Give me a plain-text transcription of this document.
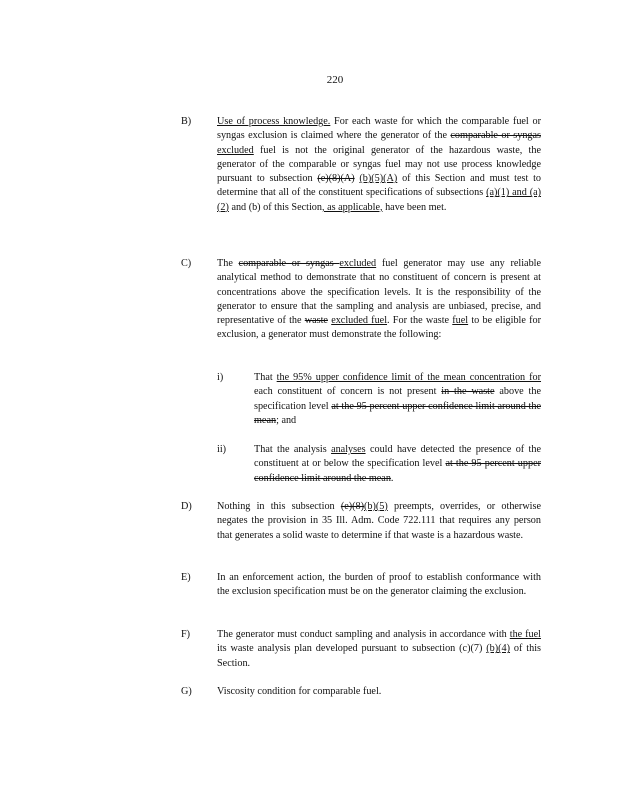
220
B)	Use of process knowledge. For each waste for which the comparable fuel or syngas exclusion is claimed where the generator of the comparable or syngas excluded fuel is not the original generator of the hazardous waste, the generator of the comparable or syngas fuel may not use process knowledge pursuant to subsection (e)(8)(A) (b)(5)(A) of this Section and must test to determine that all of the constituent specifications of subsections (a)(1) and (a)(2) and (b) of this Section, as applicable, have been met.
C)	The comparable or syngas excluded fuel generator may use any reliable analytical method to demonstrate that no constituent of concern is present at concentrations above the specification levels. It is the responsibility of the generator to ensure that the sampling and analysis are unbiased, precise, and representative of the waste excluded fuel. For the waste fuel to be eligible for exclusion, a generator must demonstrate the following:
i)	That the 95% upper confidence limit of the mean concentration for each constituent of concern is not present in the waste above the specification level at the 95 percent upper confidence limit around the mean; and
ii)	That the analysis analyses could have detected the presence of the constituent at or below the specification level at the 95 percent upper confidence limit around the mean.
D) Nothing in this subsection (e)(8)(b)(5) preempts, overrides, or otherwise negates the provision in 35 Ill. Adm. Code 722.111 that requires any person that generates a solid waste to determine if that waste is a hazardous waste.
E)	In an enforcement action, the burden of proof to establish conformance with the exclusion specification must be on the generator claiming the exclusion.
F)	The generator must conduct sampling and analysis in accordance with the fuel its waste analysis plan developed pursuant to subsection (c)(7) (b)(4) of this Section.
G) Viscosity condition for comparable fuel.
